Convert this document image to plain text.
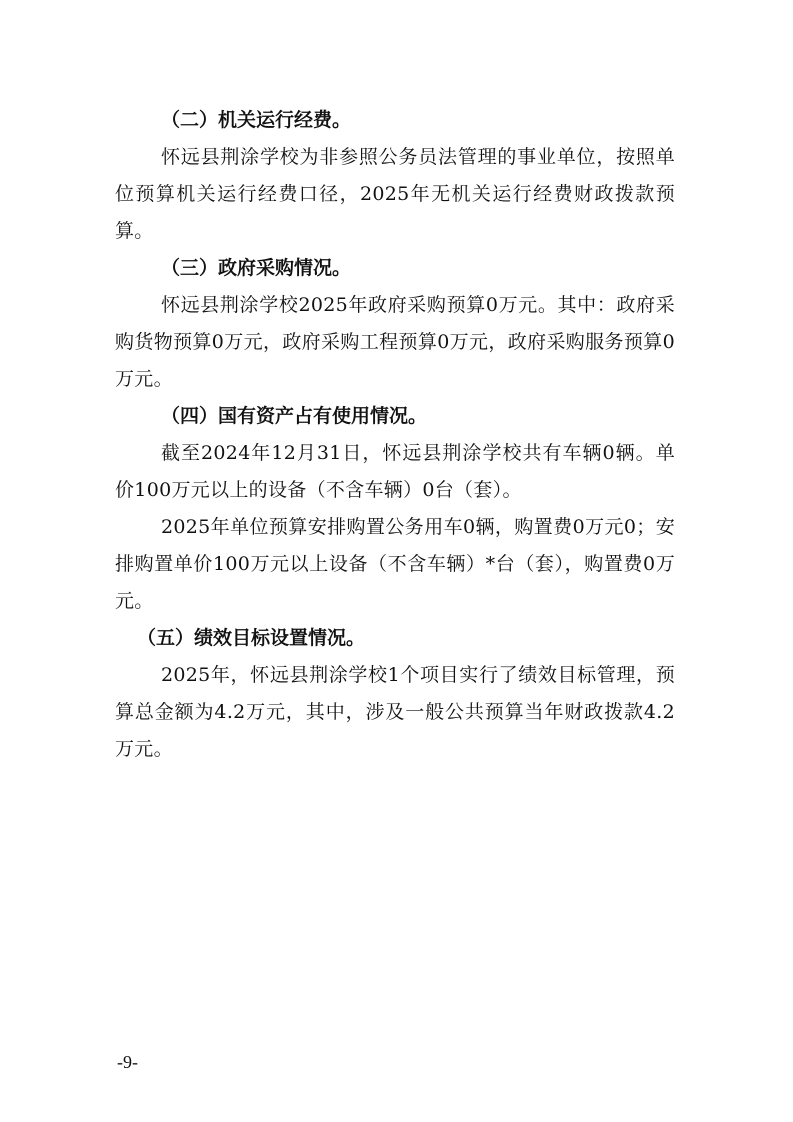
（二）机关运行经费。

怀远县荆涂学校为非参照公务员法管理的事业单位，按照单位预算机关运行经费口径，2025年无机关运行经费财政拨款预算。

（三）政府采购情况。

怀远县荆涂学校2025年政府采购预算0万元。其中：政府采购货物预算0万元，政府采购工程预算0万元，政府采购服务预算0万元。

（四）国有资产占有使用情况。

截至2024年12月31日，怀远县荆涂学校共有车辆0辆。单价100万元以上的设备（不含车辆）0台（套）。

2025年单位预算安排购置公务用车0辆，购置费0万元0；安排购置单价100万元以上设备（不含车辆）*台（套），购置费0万元。

（五）绩效目标设置情况。

2025年，怀远县荆涂学校1个项目实行了绩效目标管理，预算总金额为4.2万元，其中，涉及一般公共预算当年财政拨款4.2万元。

-9-
